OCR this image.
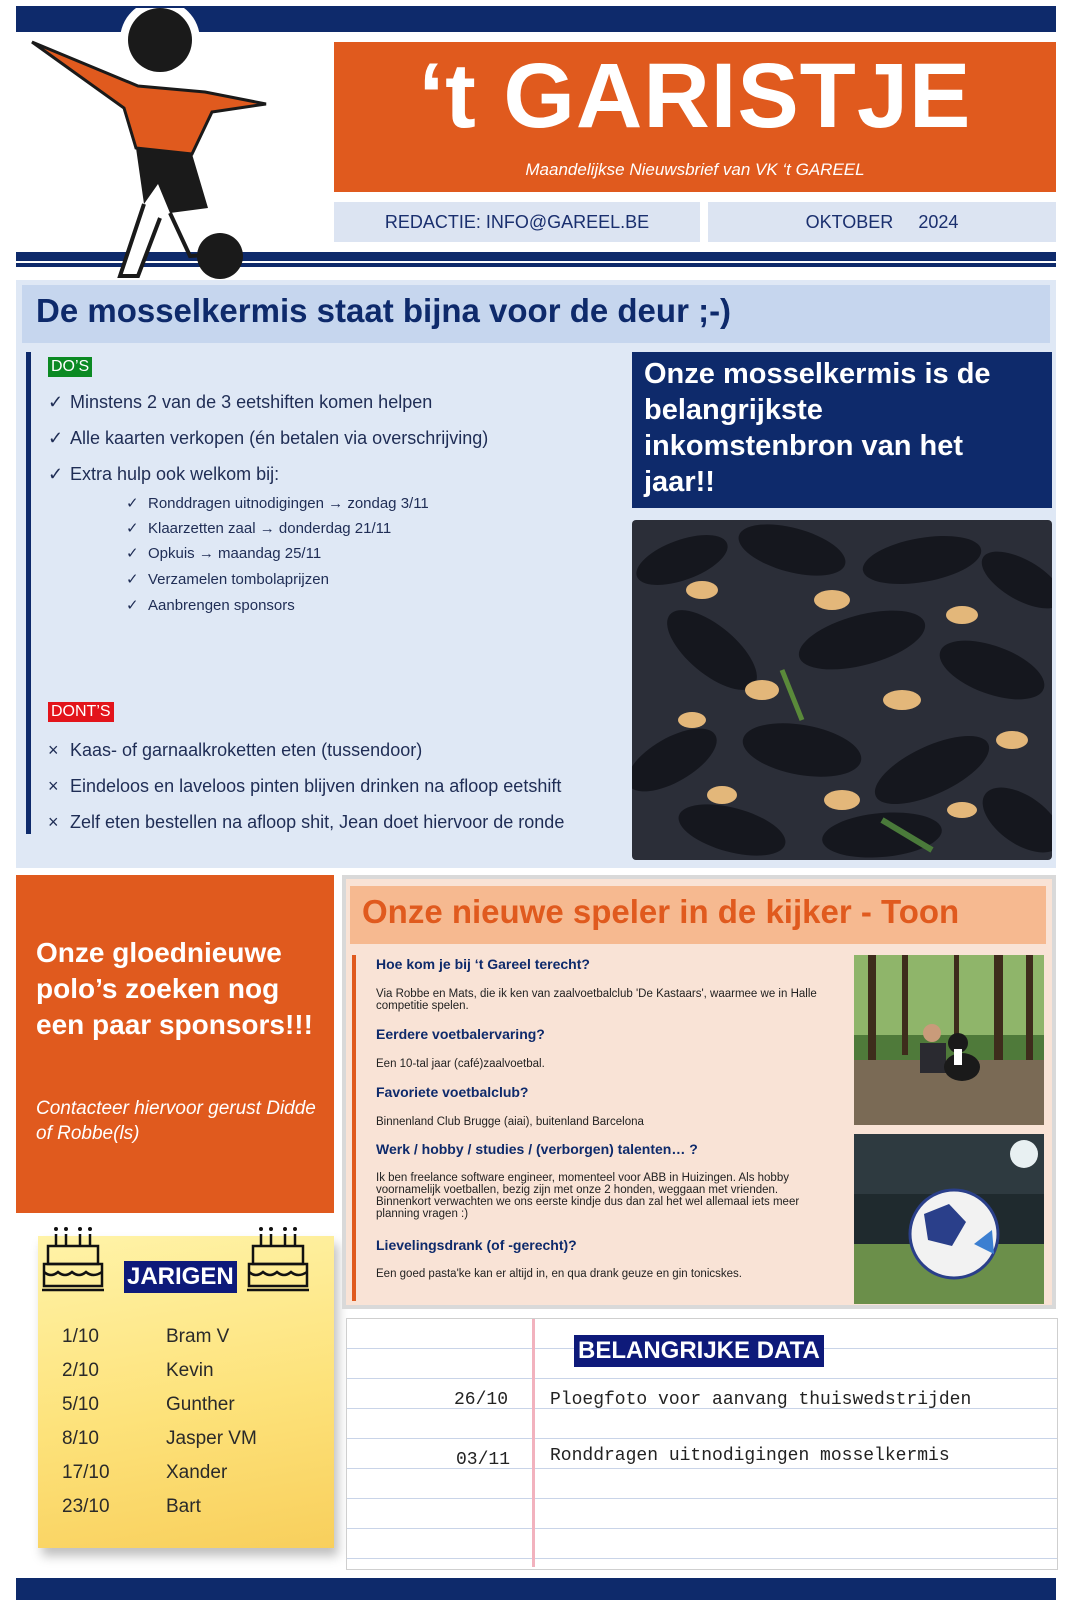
‘t GARISTJE
Maandelijkse Nieuwsbrief van VK ‘t GAREEL
REDACTIE: INFO@GAREEL.BE	OKTOBER 2024
De mosselkermis staat bijna voor de deur ;-)
DO’S
✓ Minstens 2 van de 3 eetshiften komen helpen
✓ Alle kaarten verkopen (én betalen via overschrijving)
✓ Extra hulp ook welkom bij:
✓ Ronddragen uitnodigingen → zondag 3/11
✓ Klaarzetten zaal → donderdag 21/11
✓ Opkuis → maandag 25/11
✓ Verzamelen tombolaprijzen
✓ Aanbrengen sponsors
DONT’S
× Kaas- of garnaalkroketten eten (tussendoor)
× Eindeloos en laveloos pinten blijven drinken na afloop eetshift
× Zelf eten bestellen na afloop shit, Jean doet hiervoor de ronde
Onze mosselkermis is de belangrijkste inkomstenbron van het jaar!!
Onze gloednieuwe polo’s zoeken nog een paar sponsors!!!
Contacteer hiervoor gerust Didde of Robbe(ls)
JARIGEN
1/10	Bram V
2/10	Kevin
5/10	Gunther
8/10	Jasper VM
17/10	Xander
23/10	Bart
Onze nieuwe speler in de kijker - Toon
Hoe kom je bij ‘t Gareel terecht?
Via Robbe en Mats, die ik ken van zaalvoetbalclub 'De Kastaars', waarmee we in Halle competitie spelen.
Eerdere voetbalervaring?
Een 10-tal jaar (café)zaalvoetbal.
Favoriete voetbalclub?
Binnenland Club Brugge (aiai), buitenland Barcelona
Werk / hobby / studies / (verborgen) talenten… ?
Ik ben freelance software engineer, momenteel voor ABB in Huizingen. Als hobby voornamelijk voetballen, bezig zijn met onze 2 honden, weggaan met vrienden. Binnenkort verwachten we ons eerste kindje dus dan zal het wel allemaal iets meer planning vragen :)
Lievelingsdrank (of -gerecht)?
Een goed pasta'ke kan er altijd in, en qua drank geuze en gin tonicskes.
BELANGRIJKE DATA
26/10 Ploegfoto voor aanvang thuiswedstrijden
03/11 Ronddragen uitnodigingen mosselkermis
